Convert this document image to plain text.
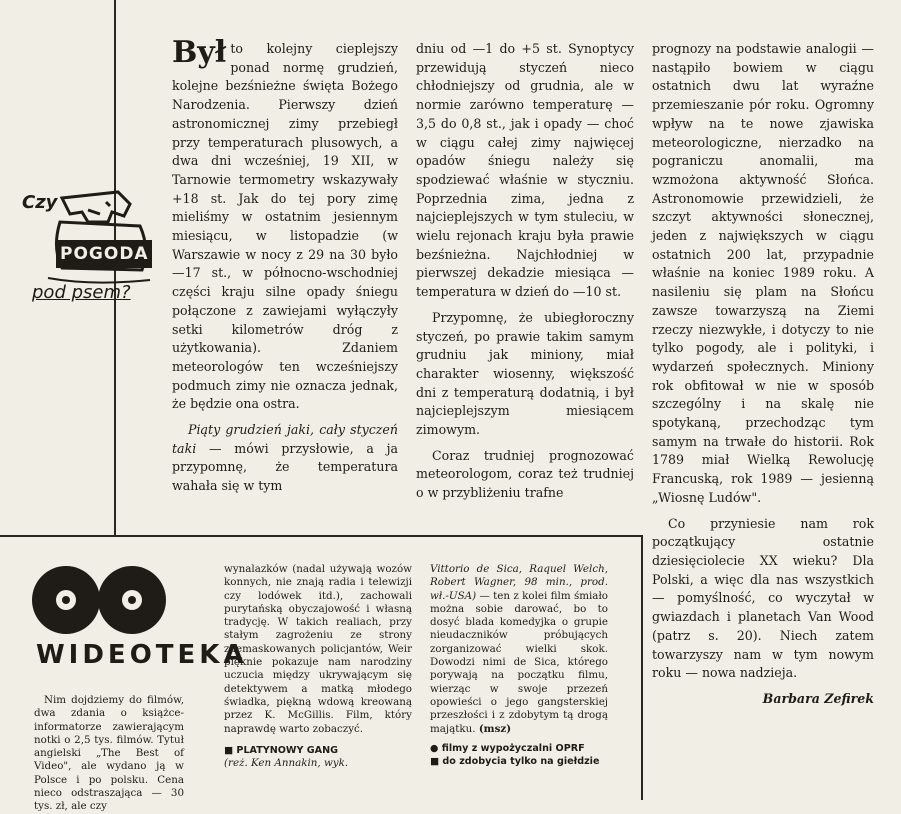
Czy
POGODA
pod psem?

Był to kolejny cieplejszy ponad normę grudzień, kolejne bezśnieżne święta Bożego Narodzenia. Pierwszy dzień astronomicznej zimy przebiegł przy temperaturach plusowych, a dwa dni wcześniej, 19 XII, w Tarnowie termometry wskazywały +18 st. Jak do tej pory zimę mieliśmy w ostatnim jesiennym miesiącu, w listopadzie (w Warszawie w nocy z 29 na 30 było —17 st., w północno-wschodniej części kraju silne opady śniegu połączone z zawiejami wyłączyły setki kilometrów dróg z użytkowania). Zdaniem meteorologów ten wcześniejszy podmuch zimy nie oznacza jednak, że będzie ona ostra.

Piąty grudzień jaki, cały styczeń taki — mówi przysłowie, a ja przypomnę, że temperatura wahała się w tym

dniu od —1 do +5 st. Synoptycy przewidują styczeń nieco chłodniejszy od grudnia, ale w normie zarówno temperaturę —3,5 do 0,8 st., jak i opady — choć w ciągu całej zimy najwięcej opadów śniegu należy się spodziewać właśnie w styczniu. Poprzednia zima, jedna z najcieplejszych w tym stuleciu, w wielu rejonach kraju była prawie bezśnieżna. Najchłodniej w pierwszej dekadzie miesiąca — temperatura w dzień do —10 st.

Przypomnę, że ubiegłoroczny styczeń, po prawie takim samym grudniu jak miniony, miał charakter wiosenny, większość dni z temperaturą dodatnią, i był najcieplejszym miesiącem zimowym.

Coraz trudniej prognozować meteorologom, coraz też trudniej o w przybliżeniu trafne

prognozy na podstawie analogii — nastąpiło bowiem w ciągu ostatnich dwu lat wyraźne przemieszanie pór roku. Ogromny wpływ na te nowe zjawiska meteorologiczne, nierzadko na pograniczu anomalii, ma wzmożona aktywność Słońca. Astronomowie przewidzieli, że szczyt aktywności słonecznej, jeden z największych w ciągu ostatnich 200 lat, przypadnie właśnie na koniec 1989 roku. A nasileniu się plam na Słońcu zawsze towarzyszą na Ziemi rzeczy niezwykłe, i dotyczy to nie tylko pogody, ale i polityki, i wydarzeń społecznych. Miniony rok obfitował w nie w sposób szczególny i na skalę nie spotykaną, przechodząc tym samym na trwałe do historii. Rok 1789 miał Wielką Rewolucję Francuską, rok 1989 — jesienną „Wiosnę Ludów".

Co przyniesie nam rok początkujący ostatnie dziesięciolecie XX wieku? Dla Polski, a więc dla nas wszystkich — pomyślność, co wyczytał w gwiazdach i planetach Van Wood (patrz s. 20). Niech zatem towarzyszy nam w tym nowym roku — nowa nadzieja.

Barbara Zefirek

WIDEOTEKA

Nim dojdziemy do filmów, dwa zdania o książce-informatorze zawierającym notki o 2,5 tys. filmów. Tytuł angielski „The Best of Video", ale wydano ją w Polsce i po polsku. Cena nieco odstraszająca — 30 tys. zł, ale czy

wynalazków (nadal używają wozów konnych, nie znają radia i telewizji czy lodówek itd.), zachowali purytańską obyczajowość i własną tradycję. W takich realiach, przy stałym zagrożeniu ze strony zdemaskowanych policjantów, Weir pięknie pokazuje nam narodziny uczucia między ukrywającym się detektywem a matką młodego świadka, piękną wdową kreowaną przez K. McGillis. Film, który naprawdę warto zobaczyć.

■ PLATYNOWY GANG
(reż. Ken Annakin, wyk.

Vittorio de Sica, Raquel Welch, Robert Wagner, 98 min., prod. wł.-USA) — ten z kolei film śmiało można sobie darować, bo to dosyć blada komedyjka o grupie nieudaczników próbujących zorganizować wielki skok. Dowodzi nimi de Sica, którego porywają na początku filmu, wierząc w swoje przezeń opowieści o jego gangsterskiej przeszłości i z zdobytym tą drogą majątku. (msz)

● filmy z wypożyczalni OPRF

■ do zdobycia tylko na giełdzie
